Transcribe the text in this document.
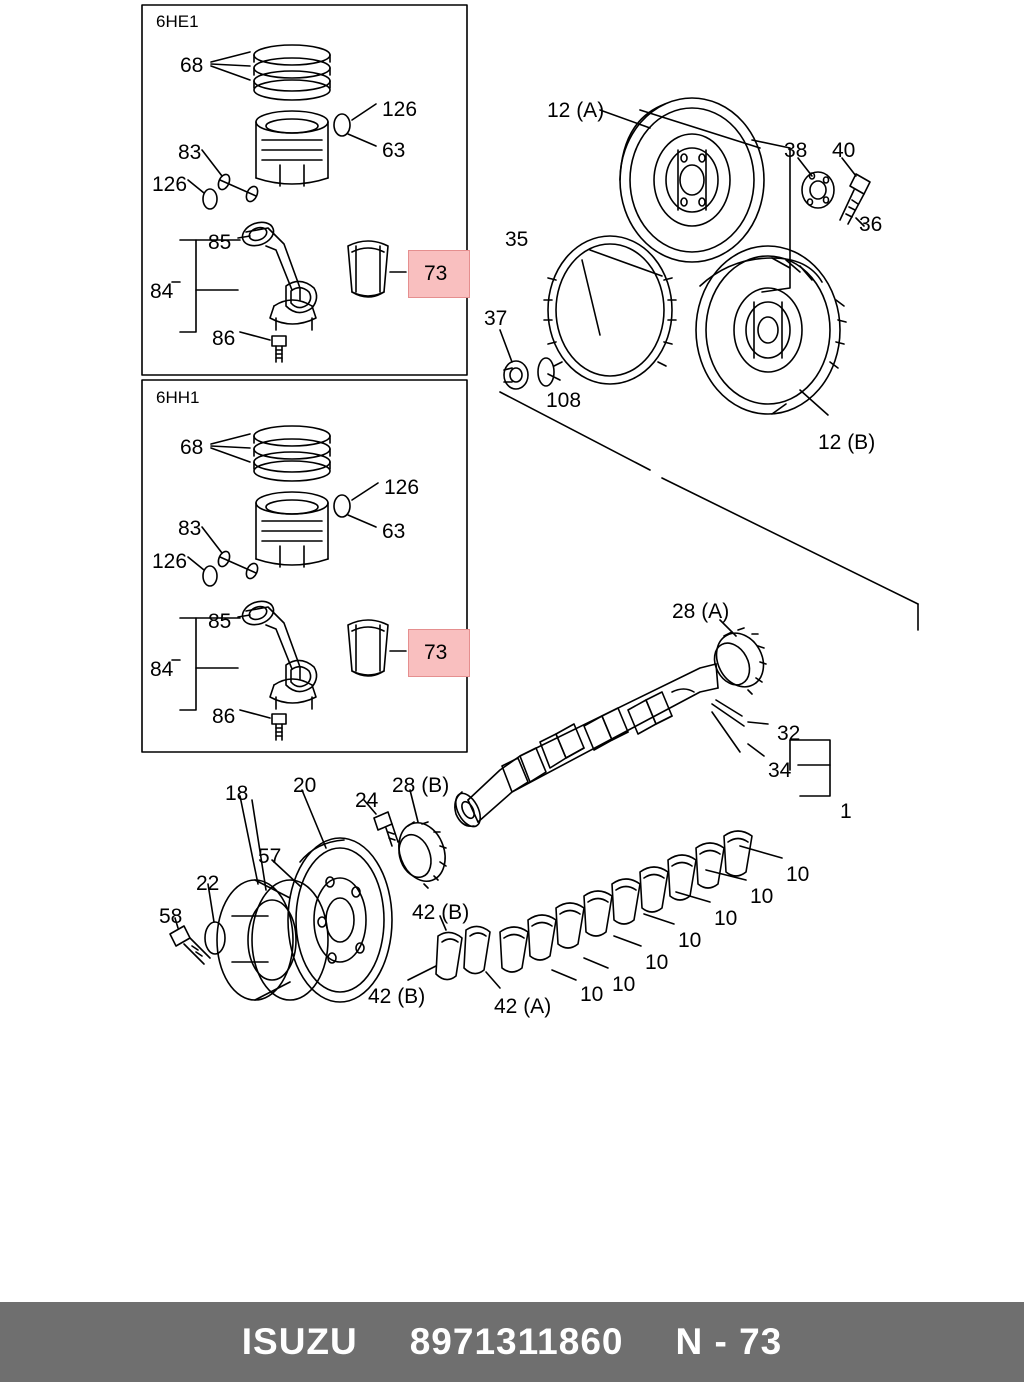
6HE1
6HH1
68
126
63
83
126
85
84
86
73
68
126
63
83
126
85
84
86
73
12 (A)
38 40
36
35
37
108
12 (B)
28 (A)
32
34
1
18 20
24
28 (B)
57
22
58	42 (B)
42 (B)	42 (A)
10
10
10
10
10
10
10
ISUZU 8971311860 N - 73
